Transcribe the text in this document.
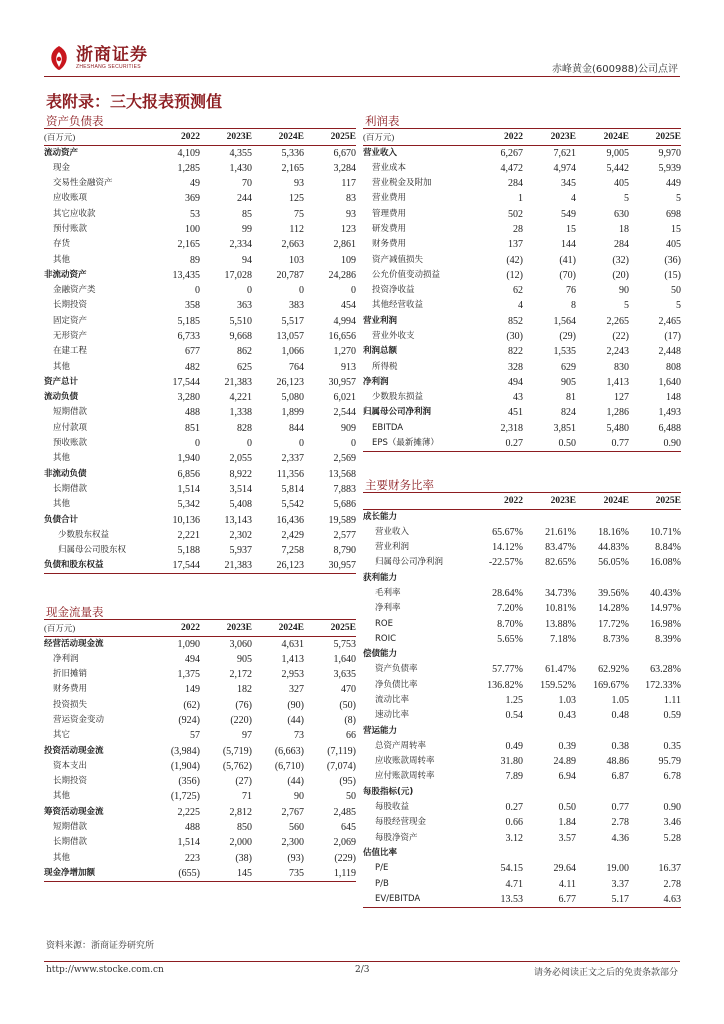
浙商证券
ZHESHANG SECURITIES	赤峰黄金(600988)公司点评
表附录：三大报表预测值
资产负债表	利润表
主要财务比率
现金流量表
(百万元)	2022	2023E	2024E	2025E
流动资产	4,109	4,355	5,336	6,670
现金	1,285	1,430	2,165	3,284
交易性金融资产	49	70	93	117
应收账项	369	244	125	83
其它应收款	53	85	75	93
预付账款	100	99	112	123
存货	2,165	2,334	2,663	2,861
其他	89	94	103	109
非流动资产	13,435	17,028	20,787	24,286
金融资产类	0	0	0	0
长期投资	358	363	383	454
固定资产	5,185	5,510	5,517	4,994
无形资产	6,733	9,668	13,057	16,656
在建工程	677	862	1,066	1,270
其他	482	625	764	913
资产总计	17,544	21,383	26,123	30,957
流动负债	3,280	4,221	5,080	6,021
短期借款	488	1,338	1,899	2,544
应付款项	851	828	844	909
预收账款	0	0	0	0
其他	1,940	2,055	2,337	2,569
非流动负债	6,856	8,922	11,356	13,568
长期借款	1,514	3,514	5,814	7,883
其他	5,342	5,408	5,542	5,686
负债合计	10,136	13,143	16,436	19,589
少数股东权益	2,221	2,302	2,429	2,577
归属母公司股东权	5,188	5,937	7,258	8,790
负债和股东权益	17,544	21,383	26,123	30,957
(百万元)	2022	2023E	2024E	2025E
营业收入	6,267	7,621	9,005	9,970
营业成本	4,472	4,974	5,442	5,939
营业税金及附加	284	345	405	449
营业费用	1	4	5	5
管理费用	502	549	630	698
研发费用	28	15	18	15
财务费用	137	144	284	405
资产减值损失	(42)	(41)	(32)	(36)
公允价值变动损益	(12)	(70)	(20)	(15)
投资净收益	62	76	90	50
其他经营收益	4	8	5	5
营业利润	852	1,564	2,265	2,465
营业外收支	(30)	(29)	(22)	(17)
利润总额	822	1,535	2,243	2,448
所得税	328	629	830	808
净利润	494	905	1,413	1,640
少数股东损益	43	81	127	148
归属母公司净利润	451	824	1,286	1,493
EBITDA	2,318	3,851	5,480	6,488
EPS（最新摊薄）	0.27	0.50	0.77	0.90
	2022	2023E	2024E	2025E
成长能力				
营业收入	65.67%	21.61%	18.16%	10.71%
营业利润	14.12%	83.47%	44.83%	8.84%
归属母公司净利润	-22.57%	82.65%	56.05%	16.08%
获利能力				
毛利率	28.64%	34.73%	39.56%	40.43%
净利率	7.20%	10.81%	14.28%	14.97%
ROE	8.70%	13.88%	17.72%	16.98%
ROIC	5.65%	7.18%	8.73%	8.39%
偿债能力				
资产负债率	57.77%	61.47%	62.92%	63.28%
净负债比率	136.82%	159.52%	169.67%	172.33%
流动比率	1.25	1.03	1.05	1.11
速动比率	0.54	0.43	0.48	0.59
营运能力				
总资产周转率	0.49	0.39	0.38	0.35
应收账款周转率	31.80	24.89	48.86	95.79
应付账款周转率	7.89	6.94	6.87	6.78
每股指标(元)				
每股收益	0.27	0.50	0.77	0.90
每股经营现金	0.66	1.84	2.78	3.46
每股净资产	3.12	3.57	4.36	5.28
估值比率				
P/E	54.15	29.64	19.00	16.37
P/B	4.71	4.11	3.37	2.78
EV/EBITDA	13.53	6.77	5.17	4.63
(百万元)	2022	2023E	2024E	2025E
经营活动现金流	1,090	3,060	4,631	5,753
净利润	494	905	1,413	1,640
折旧摊销	1,375	2,172	2,953	3,635
财务费用	149	182	327	470
投资损失	(62)	(76)	(90)	(50)
营运资金变动	(924)	(220)	(44)	(8)
其它	57	97	73	66
投资活动现金流	(3,984)	(5,719)	(6,663)	(7,119)
资本支出	(1,904)	(5,762)	(6,710)	(7,074)
长期投资	(356)	(27)	(44)	(95)
其他	(1,725)	71	90	50
筹资活动现金流	2,225	2,812	2,767	2,485
短期借款	488	850	560	645
长期借款	1,514	2,000	2,300	2,069
其他	223	(38)	(93)	(229)
现金净增加额	(655)	145	735	1,119
资料来源：浙商证券研究所
http://www.stocke.com.cn	2/3	请务必阅读正文之后的免责条款部分
